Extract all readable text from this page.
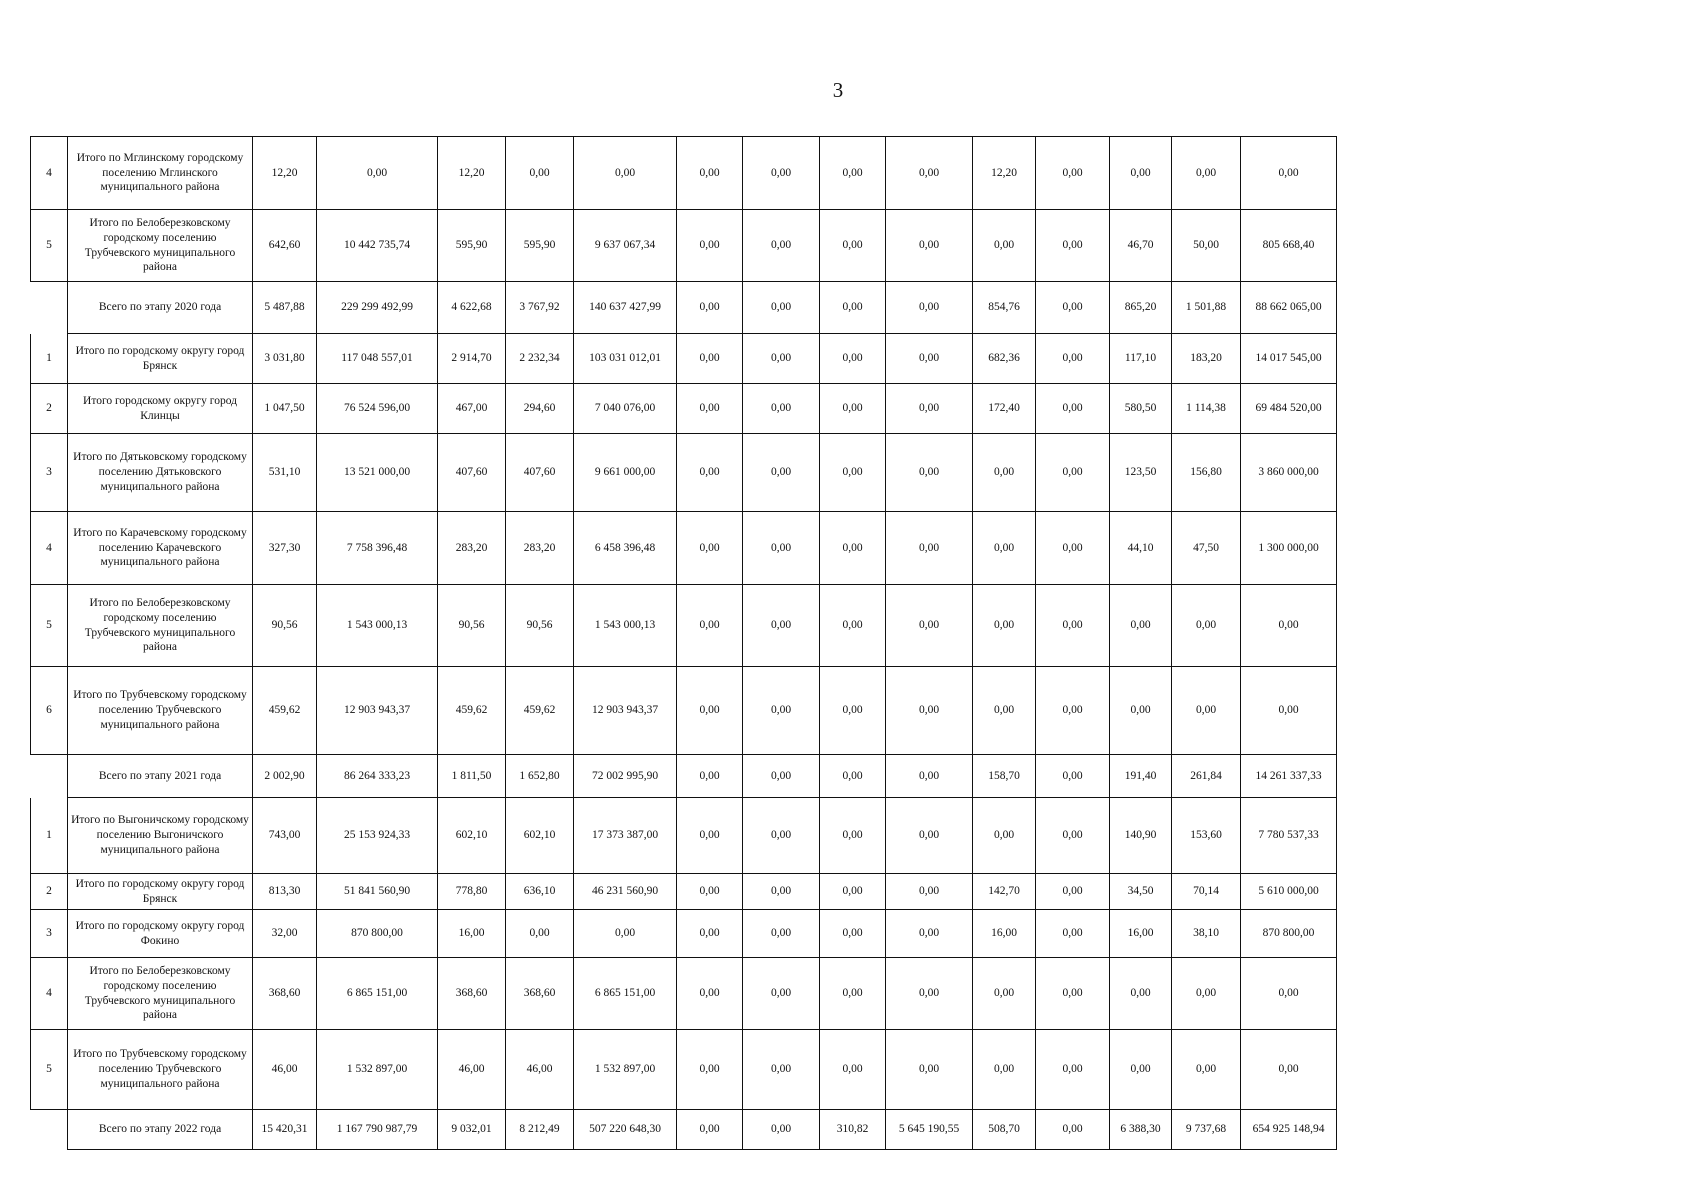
3
4	Итого по Мглинскому городскому поселению Мглинского муниципального района	12,20	0,00	12,20	0,00	0,00	0,00	0,00	0,00	0,00	12,20	0,00	0,00	0,00	0,00
5	Итого по Белоберезковскому городскому поселению Трубчевского муниципального района	642,60	10 442 735,74	595,90	595,90	9 637 067,34	0,00	0,00	0,00	0,00	0,00	0,00	46,70	50,00	805 668,40
	Всего по этапу 2020 года	5 487,88	229 299 492,99	4 622,68	3 767,92	140 637 427,99	0,00	0,00	0,00	0,00	854,76	0,00	865,20	1 501,88	88 662 065,00
1	Итого по городскому округу город Брянск	3 031,80	117 048 557,01	2 914,70	2 232,34	103 031 012,01	0,00	0,00	0,00	0,00	682,36	0,00	117,10	183,20	14 017 545,00
2	Итого городскому округу город Клинцы	1 047,50	76 524 596,00	467,00	294,60	7 040 076,00	0,00	0,00	0,00	0,00	172,40	0,00	580,50	1 114,38	69 484 520,00
3	Итого по Дятьковскому городскому поселению Дятьковского муниципального района	531,10	13 521 000,00	407,60	407,60	9 661 000,00	0,00	0,00	0,00	0,00	0,00	0,00	123,50	156,80	3 860 000,00
4	Итого по Карачевскому городскому поселению Карачевского муниципального района	327,30	7 758 396,48	283,20	283,20	6 458 396,48	0,00	0,00	0,00	0,00	0,00	0,00	44,10	47,50	1 300 000,00
5	Итого по Белоберезковскому городскому поселению Трубчевского муниципального района	90,56	1 543 000,13	90,56	90,56	1 543 000,13	0,00	0,00	0,00	0,00	0,00	0,00	0,00	0,00	0,00
6	Итого по Трубчевскому городскому поселению Трубчевского муниципального района	459,62	12 903 943,37	459,62	459,62	12 903 943,37	0,00	0,00	0,00	0,00	0,00	0,00	0,00	0,00	0,00
	Всего по этапу 2021 года	2 002,90	86 264 333,23	1 811,50	1 652,80	72 002 995,90	0,00	0,00	0,00	0,00	158,70	0,00	191,40	261,84	14 261 337,33
1	Итого по Выгоничскому городскому поселению Выгоничского муниципального района	743,00	25 153 924,33	602,10	602,10	17 373 387,00	0,00	0,00	0,00	0,00	0,00	0,00	140,90	153,60	7 780 537,33
2	Итого по городскому округу город Брянск	813,30	51 841 560,90	778,80	636,10	46 231 560,90	0,00	0,00	0,00	0,00	142,70	0,00	34,50	70,14	5 610 000,00
3	Итого по городскому округу город Фокино	32,00	870 800,00	16,00	0,00	0,00	0,00	0,00	0,00	0,00	16,00	0,00	16,00	38,10	870 800,00
4	Итого по Белоберезковскому городскому поселению Трубчевского муниципального района	368,60	6 865 151,00	368,60	368,60	6 865 151,00	0,00	0,00	0,00	0,00	0,00	0,00	0,00	0,00	0,00
5	Итого по Трубчевскому городскому поселению Трубчевского муниципального района	46,00	1 532 897,00	46,00	46,00	1 532 897,00	0,00	0,00	0,00	0,00	0,00	0,00	0,00	0,00	0,00
	Всего по этапу 2022 года	15 420,31	1 167 790 987,79	9 032,01	8 212,49	507 220 648,30	0,00	0,00	310,82	5 645 190,55	508,70	0,00	6 388,30	9 737,68	654 925 148,94
